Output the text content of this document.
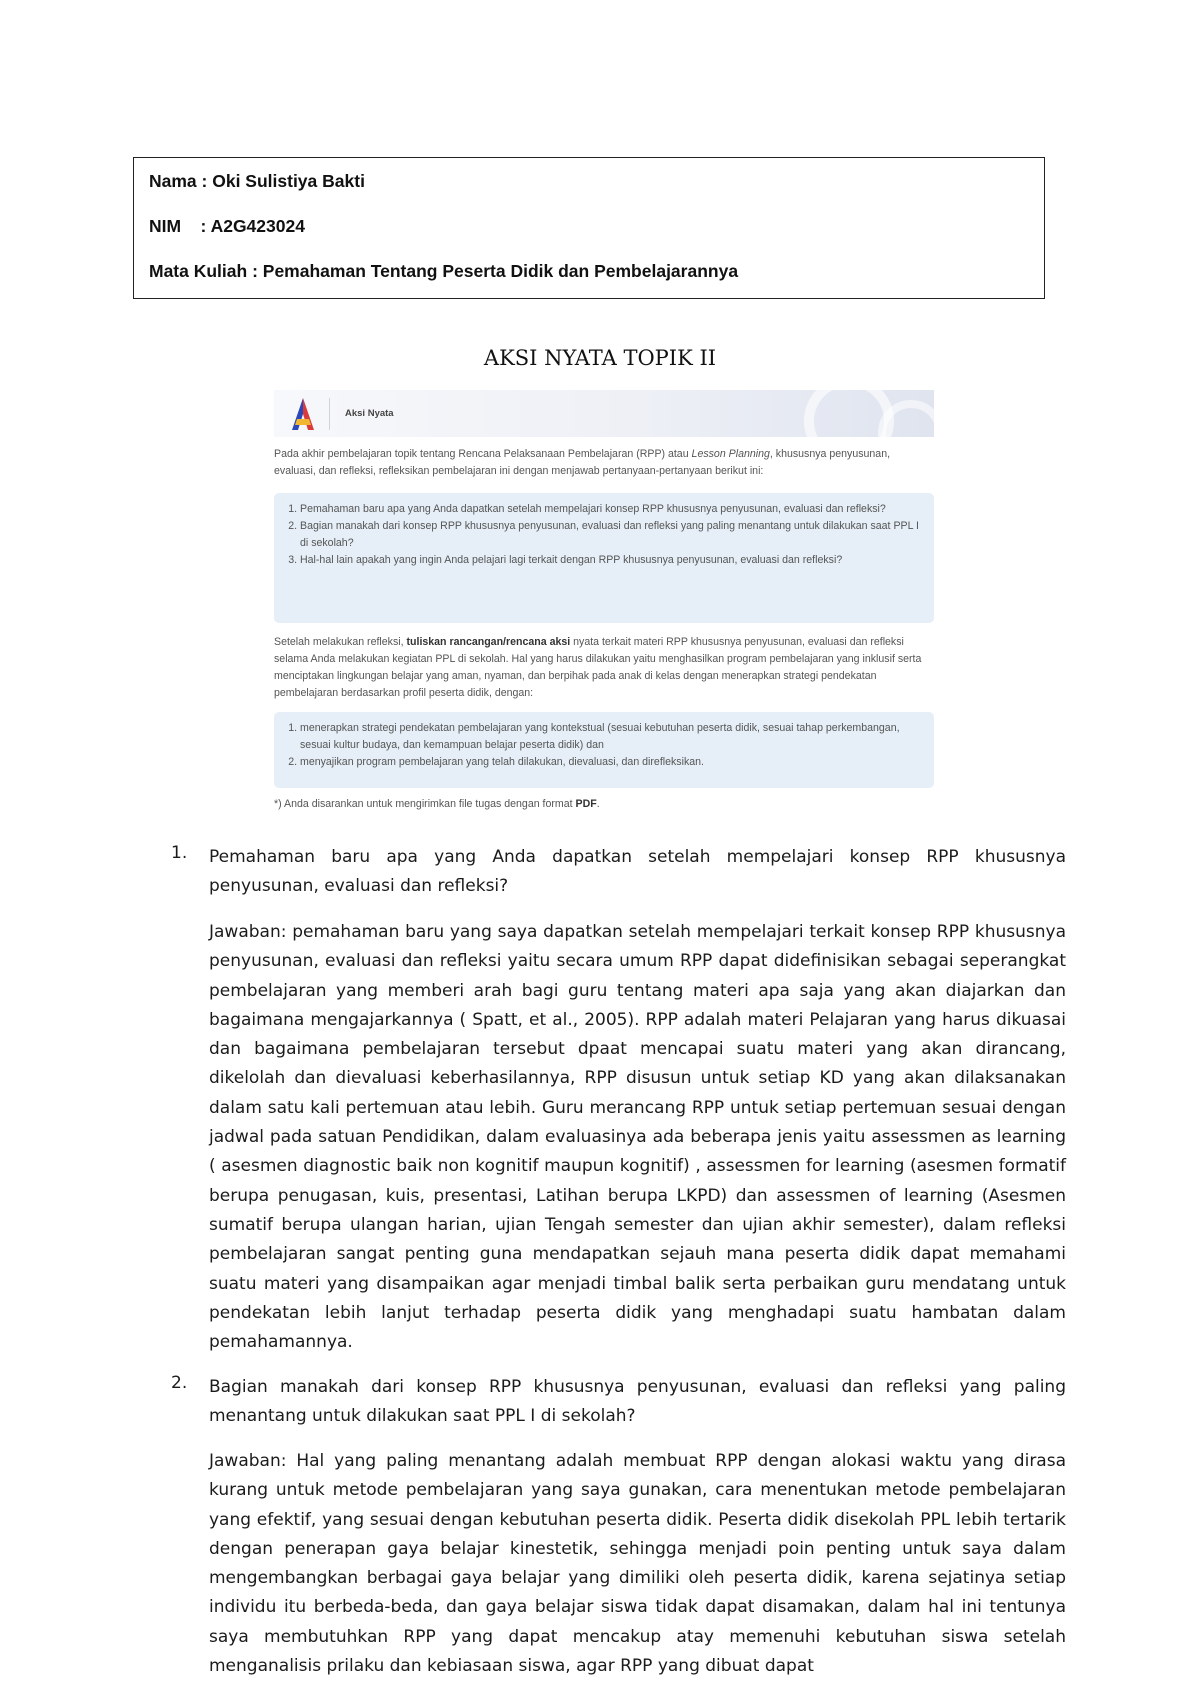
Nama : Oki Sulistiya Bakti
NIM    : A2G423024
Mata Kuliah : Pemahaman Tentang Peserta Didik dan Pembelajarannya
AKSI NYATA TOPIK II
Aksi Nyata
Pada akhir pembelajaran topik tentang Rencana Pelaksanaan Pembelajaran (RPP) atau Lesson Planning, khususnya penyusunan, evaluasi, dan refleksi, refleksikan pembelajaran ini dengan menjawab pertanyaan-pertanyaan berikut ini:
1. Pemahaman baru apa yang Anda dapatkan setelah mempelajari konsep RPP khususnya penyusunan, evaluasi dan refleksi?
2. Bagian manakah dari konsep RPP khususnya penyusunan, evaluasi dan refleksi yang paling menantang untuk dilakukan saat PPL I di sekolah?
3. Hal-hal lain apakah yang ingin Anda pelajari lagi terkait dengan RPP khususnya penyusunan, evaluasi dan refleksi?
Setelah melakukan refleksi, tuliskan rancangan/rencana aksi nyata terkait materi RPP khususnya penyusunan, evaluasi dan refleksi selama Anda melakukan kegiatan PPL di sekolah. Hal yang harus dilakukan yaitu menghasilkan program pembelajaran yang inklusif serta menciptakan lingkungan belajar yang aman, nyaman, dan berpihak pada anak di kelas dengan menerapkan strategi pendekatan pembelajaran berdasarkan profil peserta didik, dengan:
1. menerapkan strategi pendekatan pembelajaran yang kontekstual (sesuai kebutuhan peserta didik, sesuai tahap perkembangan, sesuai kultur budaya, dan kemampuan belajar peserta didik) dan
2. menyajikan program pembelajaran yang telah dilakukan, dievaluasi, dan direfleksikan.
*) Anda disarankan untuk mengirimkan file tugas dengan format PDF.
1. Pemahaman baru apa yang Anda dapatkan setelah mempelajari konsep RPP khususnya penyusunan, evaluasi dan refleksi?
Jawaban: pemahaman baru yang saya dapatkan setelah mempelajari terkait konsep RPP khususnya penyusunan, evaluasi dan refleksi yaitu secara umum RPP dapat didefinisikan sebagai seperangkat pembelajaran yang memberi arah bagi guru tentang materi apa saja yang akan diajarkan dan bagaimana mengajarkannya ( Spatt, et al., 2005). RPP adalah materi Pelajaran yang harus dikuasai dan bagaimana pembelajaran tersebut dpaat mencapai suatu materi yang akan dirancang, dikelolah dan dievaluasi keberhasilannya, RPP disusun untuk setiap KD yang akan dilaksanakan dalam satu kali pertemuan atau lebih. Guru merancang RPP untuk setiap pertemuan sesuai dengan jadwal pada satuan Pendidikan, dalam evaluasinya ada beberapa jenis yaitu assessmen as learning ( asesmen diagnostic baik non kognitif maupun kognitif) , assessmen for learning (asesmen formatif berupa penugasan, kuis, presentasi, Latihan berupa LKPD) dan assessmen of learning (Asesmen sumatif berupa ulangan harian, ujian Tengah semester dan ujian akhir semester), dalam refleksi pembelajaran sangat penting guna mendapatkan sejauh mana peserta didik dapat memahami suatu materi yang disampaikan agar menjadi timbal balik serta perbaikan guru mendatang untuk pendekatan lebih lanjut terhadap peserta didik yang menghadapi suatu hambatan dalam pemahamannya.
2. Bagian manakah dari konsep RPP khususnya penyusunan, evaluasi dan refleksi yang paling menantang untuk dilakukan saat PPL I di sekolah?
Jawaban: Hal yang paling menantang adalah membuat RPP dengan alokasi waktu yang dirasa kurang untuk metode pembelajaran yang saya gunakan, cara menentukan metode pembelajaran yang efektif, yang sesuai dengan kebutuhan peserta didik. Peserta didik disekolah PPL lebih tertarik dengan penerapan gaya belajar kinestetik, sehingga menjadi poin penting untuk saya dalam mengembangkan berbagai gaya belajar yang dimiliki oleh peserta didik, karena sejatinya setiap individu itu berbeda-beda, dan gaya belajar siswa tidak dapat disamakan, dalam hal ini tentunya saya membutuhkan RPP yang dapat mencakup atay memenuhi kebutuhan siswa setelah menganalisis prilaku dan kebiasaan siswa, agar RPP yang dibuat dapat
